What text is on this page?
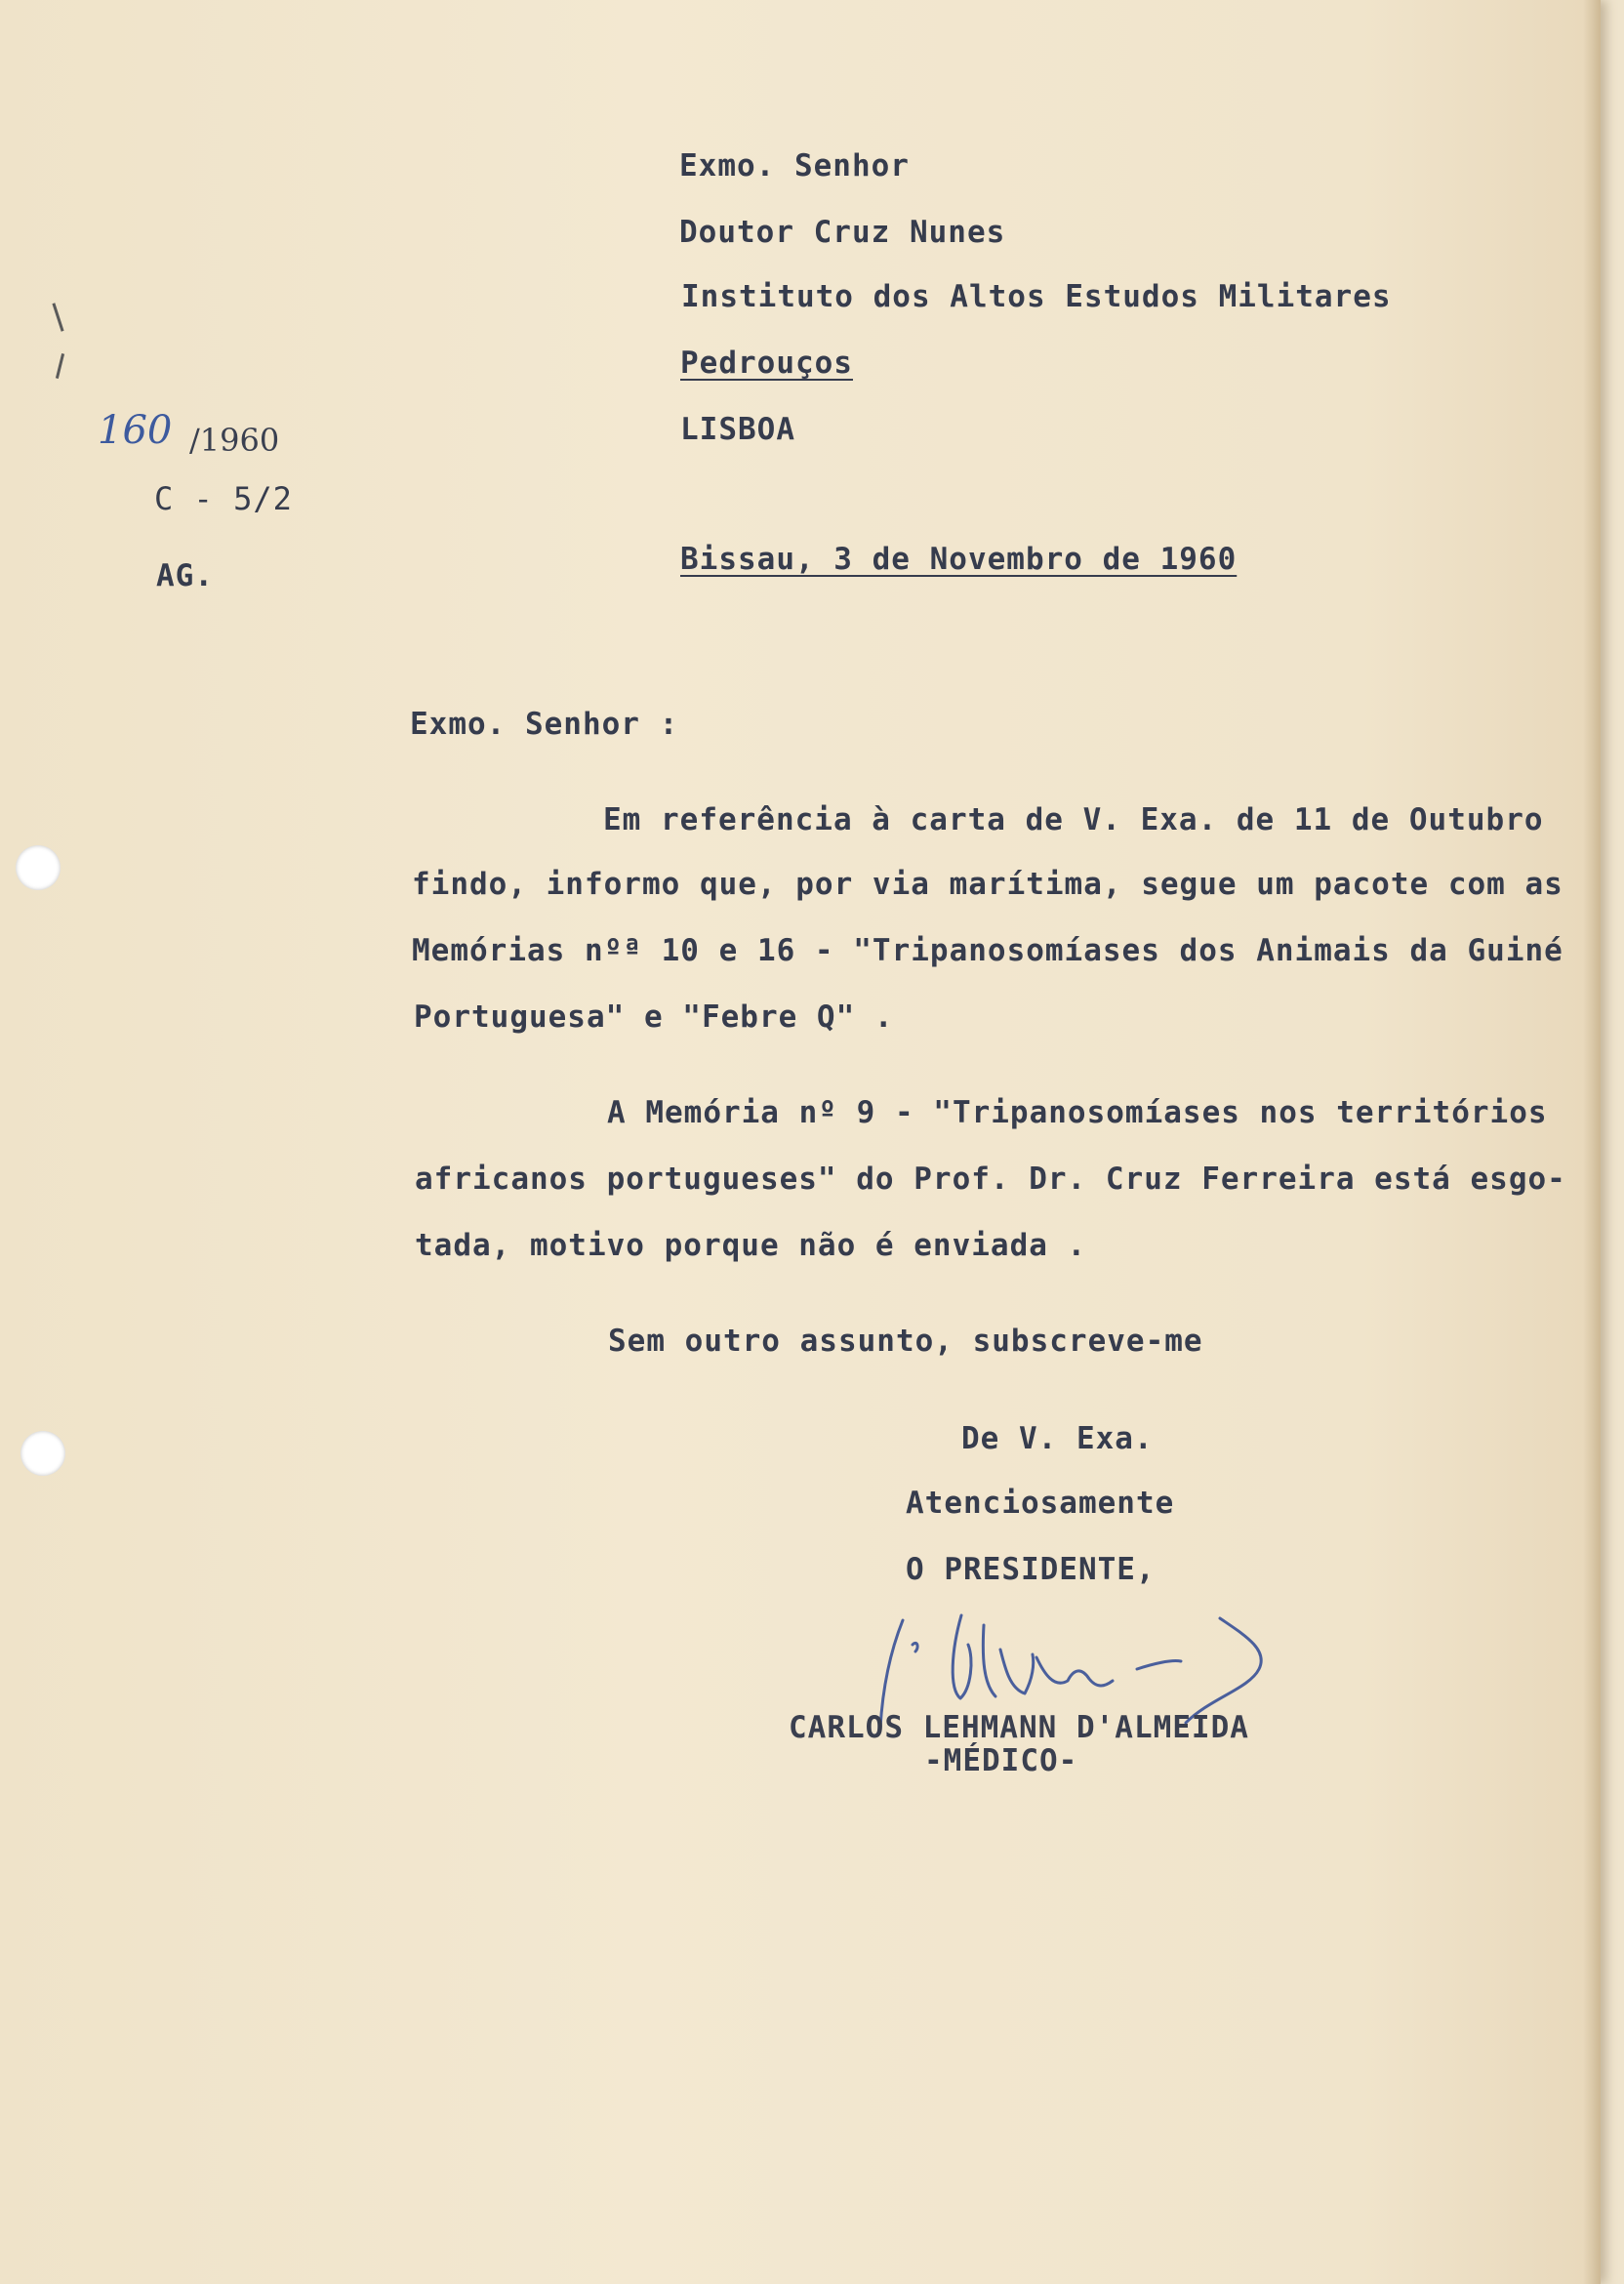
Exmo. Senhor
Doutor Cruz Nunes
Instituto dos Altos Estudos Militares
Pedrouços
LISBOA
160 /1960
C - 5/2
AG.	Bissau, 3 de Novembro de 1960
Exmo. Senhor :
Em referência à carta de V. Exa. de 11 de Outubro
findo, informo que, por via marítima, segue um pacote com as
Memórias nºª 10 e 16 - "Tripanosomíases dos Animais da Guiné
Portuguesa" e "Febre Q" .
A Memória nº 9 - "Tripanosomíases nos territórios
africanos portugueses" do Prof. Dr. Cruz Ferreira está esgo-
tada, motivo porque não é enviada .
Sem outro assunto, subscreve-me
De V. Exa.
Atenciosamente
O PRESIDENTE,
CARLOS LEHMANN D'ALMEIDA
-MÉDICO-
